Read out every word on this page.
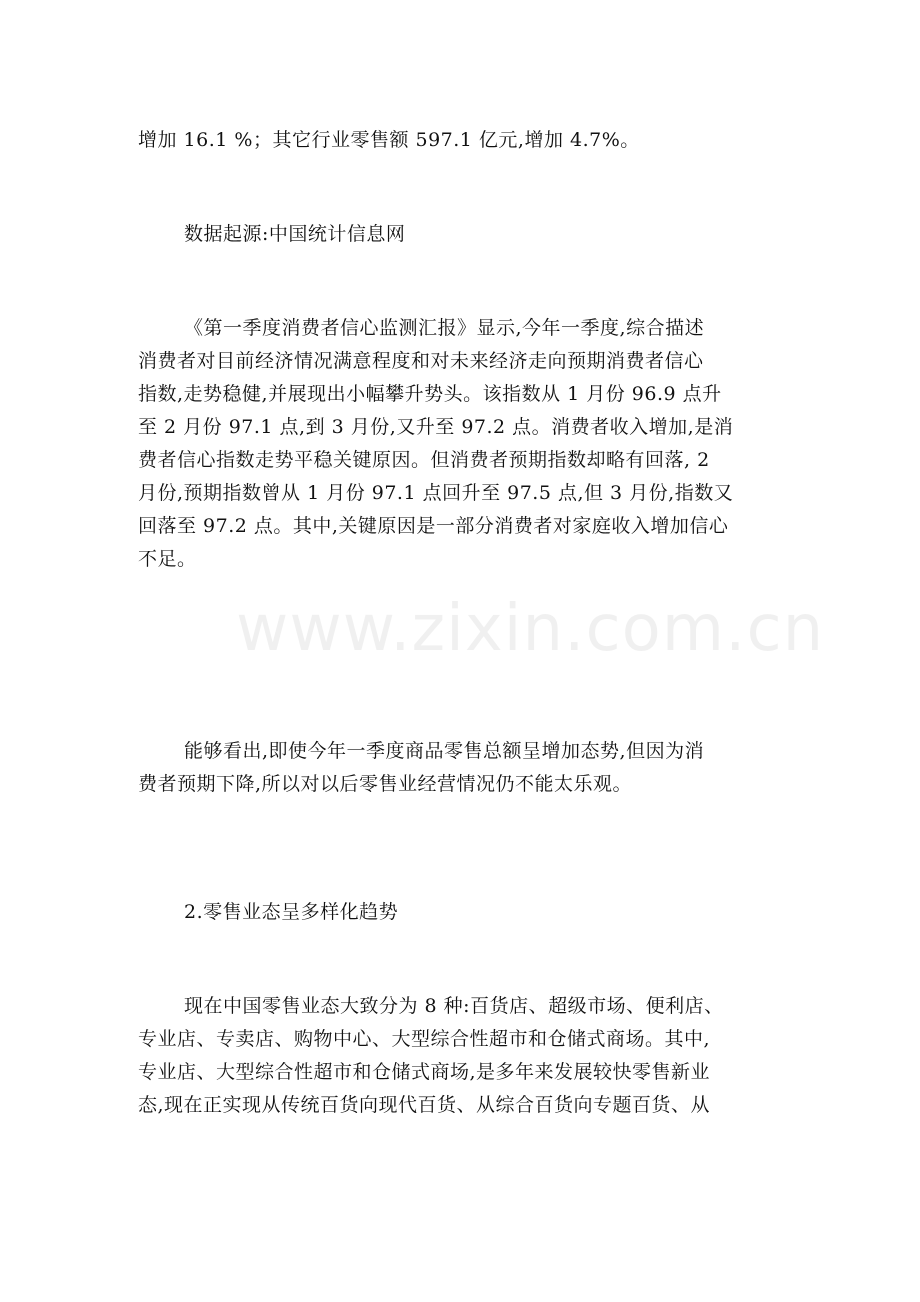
增加 16.1 %；其它行业零售额 597.1 亿元,增加 4.7%。

数据起源:中国统计信息网

《第一季度消费者信心监测汇报》显示,今年一季度,综合描述
消费者对目前经济情况满意程度和对未来经济走向预期消费者信心
指数,走势稳健,并展现出小幅攀升势头。该指数从 1 月份 96.9 点升
至 2 月份 97.1 点,到 3 月份,又升至 97.2 点。消费者收入增加,是消
费者信心指数走势平稳关键原因。但消费者预期指数却略有回落, 2
月份,预期指数曾从 1 月份 97.1 点回升至 97.5 点,但 3 月份,指数又
回落至 97.2 点。其中,关键原因是一部分消费者对家庭收入增加信心
不足。

能够看出,即使今年一季度商品零售总额呈增加态势,但因为消
费者预期下降,所以对以后零售业经营情况仍不能太乐观。

2.零售业态呈多样化趋势

现在中国零售业态大致分为 8 种:百货店、超级市场、便利店、
专业店、专卖店、购物中心、大型综合性超市和仓储式商场。其中,
专业店、大型综合性超市和仓储式商场,是多年来发展较快零售新业
态,现在正实现从传统百货向现代百货、从综合百货向专题百货、从

www.zixin.com.cn
